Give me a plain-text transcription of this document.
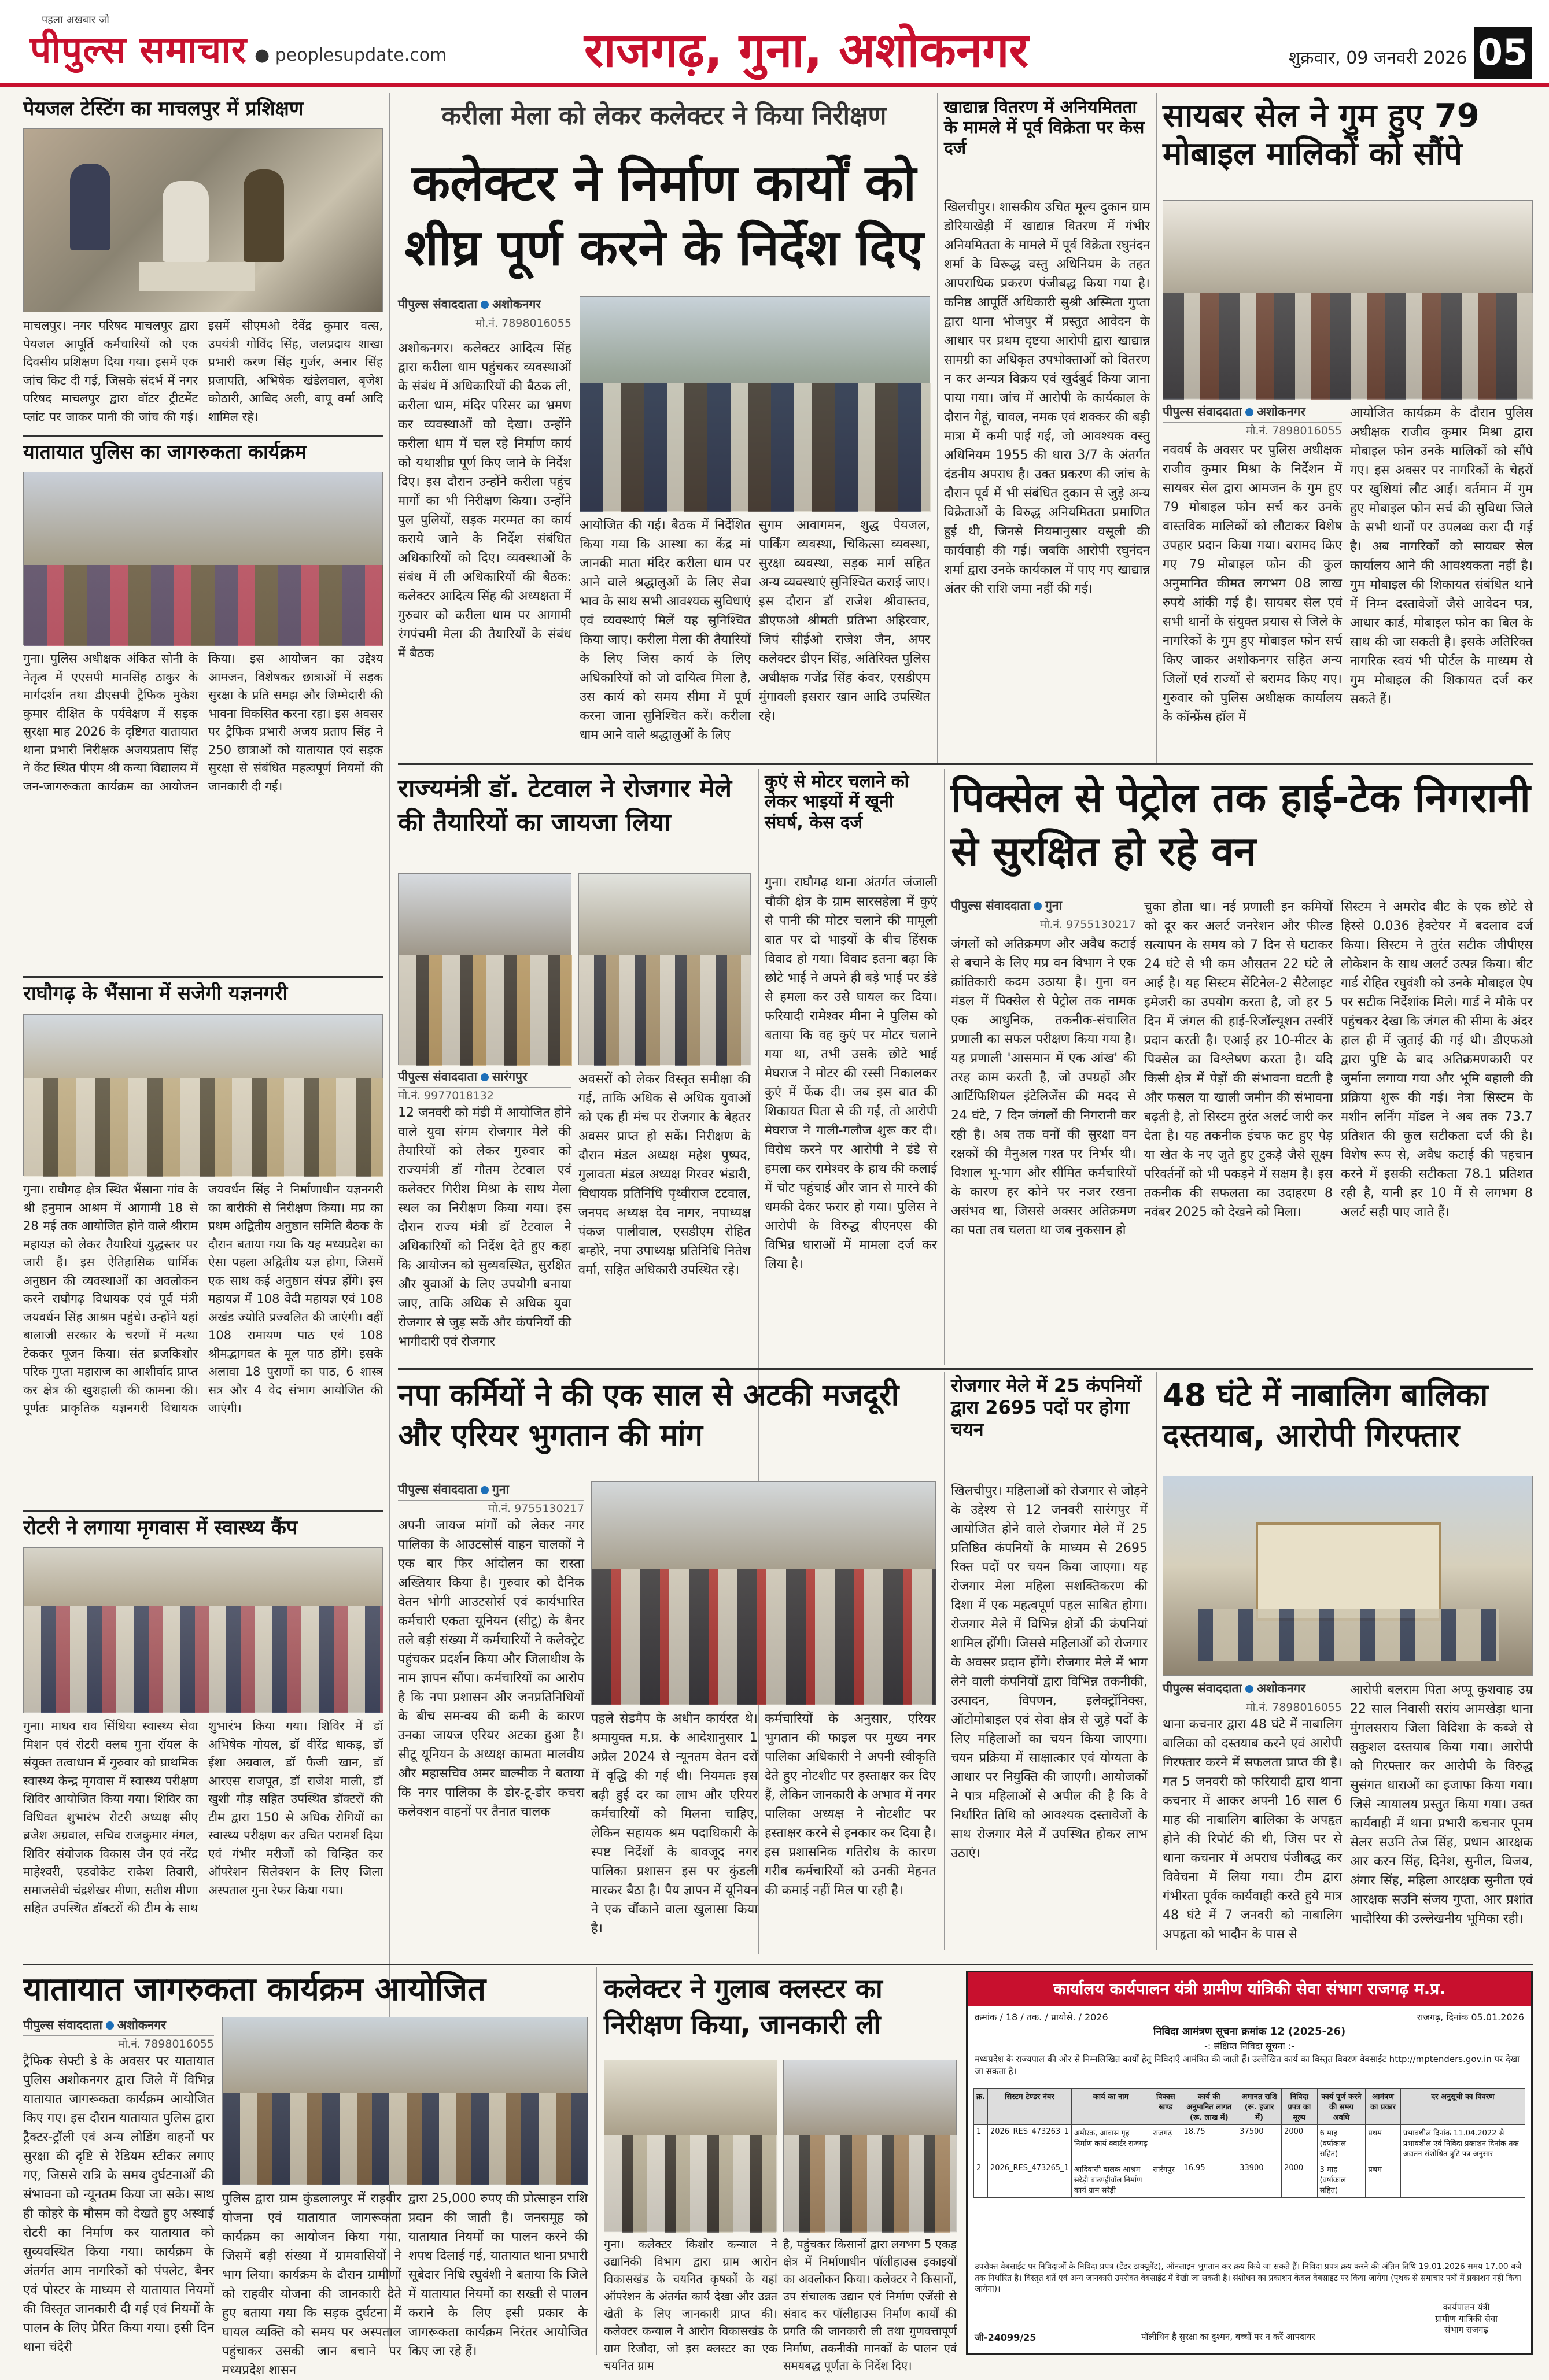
पहला अखबार जो
पीपुल्स समाचार ● peoplesupdate.com	राजगढ़, गुना, अशोकनगर	शुक्रवार, 09 जनवरी 2026 05
पेयजल टेस्टिंग का माचलपुर में प्रशिक्षण
माचलपुर। नगर परिषद माचलपुर द्वारा पेयजल आपूर्ति कर्मचारियों को एक दिवसीय प्रशिक्षण दिया गया। इसमें एक जांच किट दी गई, जिसके संदर्भ में नगर परिषद माचलपुर द्वारा वॉटर ट्रीटमेंट प्लांट पर जाकर पानी की जांच की गई। इसमें सीएमओ देवेंद्र कुमार वत्स, उपयंत्री गोविंद सिंह, जलप्रदाय शाखा प्रभारी करण सिंह गुर्जर, अनार सिंह प्रजापति, अभिषेक खंडेलवाल, बृजेश कोठारी, आबिद अली, बापू वर्मा आदि शामिल रहे।
यातायात पुलिस का जागरुकता कार्यक्रम
गुना। पुलिस अधीक्षक अंकित सोनी के नेतृत्व में एएसपी मानसिंह ठाकुर के मार्गदर्शन तथा डीएसपी ट्रैफिक मुकेश कुमार दीक्षित के पर्यवेक्षण में सड़क सुरक्षा माह 2026 के दृष्टिगत यातायात थाना प्रभारी निरीक्षक अजयप्रताप सिंह ने केंट स्थित पीएम श्री कन्या विद्यालय में जन-जागरूकता कार्यक्रम का आयोजन किया। इस आयोजन का उद्देश्य आमजन, विशेषकर छात्राओं में सड़क सुरक्षा के प्रति समझ और जिम्मेदारी की भावना विकसित करना रहा। इस अवसर पर ट्रैफिक प्रभारी अजय प्रताप सिंह ने 250 छात्राओं को यातायात एवं सड़क सुरक्षा से संबंधित महत्वपूर्ण नियमों की जानकारी दी गई।
राघौगढ़ के भैंसाना में सजेगी यज्ञनगरी
गुना। राघौगढ़ क्षेत्र स्थित भैंसाना गांव के श्री हनुमान आश्रम में आगामी 18 से 28 मई तक आयोजित होने वाले श्रीराम महायज्ञ को लेकर तैयारियां युद्धस्तर पर जारी हैं। इस ऐतिहासिक धार्मिक अनुष्ठान की व्यवस्थाओं का अवलोकन करने राघौगढ़ विधायक एवं पूर्व मंत्री जयवर्धन सिंह आश्रम पहुंचे। उन्होंने यहां बालाजी सरकार के चरणों में मत्था टेककर पूजन किया। संत ब्रजकिशोर परिक गुप्ता महाराज का आशीर्वाद प्राप्त कर क्षेत्र की खुशहाली की कामना की। पूर्णतः प्राकृतिक यज्ञनगरी विधायक जयवर्धन सिंह ने निर्माणाधीन यज्ञनगरी का बारीकी से निरीक्षण किया। मप्र का प्रथम अद्वितीय अनुष्ठान समिति बैठक के दौरान बताया गया कि यह मध्यप्रदेश का ऐसा पहला अद्वितीय यज्ञ होगा, जिसमें एक साथ कई अनुष्ठान संपन्न होंगे। इस महायज्ञ में 108 वेदी महायज्ञ एवं 108 अखंड ज्योति प्रज्वलित की जाएंगी। वहीं 108 रामायण पाठ एवं 108 श्रीमद्भागवत के मूल पाठ होंगे। इसके अलावा 18 पुराणों का पाठ, 6 शास्त्र सत्र और 4 वेद संभाग आयोजित की जाएंगी।
रोटरी ने लगाया मृगवास में स्वास्थ्य कैंप
गुना। माधव राव सिंधिया स्वास्थ्य सेवा मिशन एवं रोटरी क्लब गुना रॉयल के संयुक्त तत्वाधान में गुरुवार को प्राथमिक स्वास्थ्य केन्द्र मृगवास में स्वास्थ्य परीक्षण शिविर आयोजित किया गया। शिविर का विधिवत शुभारंभ रोटरी अध्यक्ष सीए ब्रजेश अग्रवाल, सचिव राजकुमार मंगल, शिविर संयोजक विकास जैन एवं नरेंद्र माहेश्वरी, एडवोकेट राकेश तिवारी, समाजसेवी चंद्रशेखर मीणा, सतीश मीणा सहित उपस्थित डॉक्टरों की टीम के साथ शुभारंभ किया गया। शिविर में डॉ अभिषेक गोयल, डॉ वीरेंद्र धाकड़, डॉ ईशा अग्रवाल, डॉ फैजी खान, डॉ आरएस राजपूत, डॉ राजेश माली, डॉ खुशी गौड़ सहित उपस्थित डॉक्टरों की टीम द्वारा 150 से अधिक रोगियों का स्वास्थ्य परीक्षण कर उचित परामर्श दिया एवं गंभीर मरीजों को चिन्हित कर ऑपरेशन सिलेक्शन के लिए जिला अस्पताल गुना रेफर किया गया।
करीला मेला को लेकर कलेक्टर ने किया निरीक्षण
कलेक्टर ने निर्माण कार्यों को शीघ्र पूर्ण करने के निर्देश दिए
पीपुल्स संवाददाता अशोकनगर
मो.नं. 7898016055
अशोकनगर। कलेक्टर आदित्य सिंह द्वारा करीला धाम पहुंचकर व्यवस्थाओं के संबंध में अधिकारियों की बैठक ली, करीला धाम, मंदिर परिसर का भ्रमण कर व्यवस्थाओं को देखा। उन्होंने करीला धाम में चल रहे निर्माण कार्य को यथाशीघ्र पूर्ण किए जाने के निर्देश दिए। इस दौरान उन्होंने करीला पहुंच मार्गों का भी निरीक्षण किया। उन्होंने पुल पुलियों, सड़क मरम्मत का कार्य कराये जाने के निर्देश संबंधित अधिकारियों को दिए। व्यवस्थाओं के संबंध में ली अधिकारियों की बैठक: कलेक्टर आदित्य सिंह की अध्यक्षता में गुरुवार को करीला धाम पर आगामी रंगपंचमी मेला की तैयारियों के संबंध में बैठक
आयोजित की गई। बैठक में निर्देशित किया गया कि आस्था का केंद्र मां जानकी माता मंदिर करीला धाम पर आने वाले श्रद्धालुओं के लिए सेवा भाव के साथ सभी आवश्यक सुविधाएं एवं व्यवस्थाएं मिलें यह सुनिश्चित किया जाए। करीला मेला की तैयारियों के लिए जिस कार्य के लिए अधिकारियों को जो दायित्व मिला है, उस कार्य को समय सीमा में पूर्ण करना जाना सुनिश्चित करें। करीला धाम आने वाले श्रद्धालुओं के लिए
सुगम आवागमन, शुद्ध पेयजल, पार्किंग व्यवस्था, चिकित्सा व्यवस्था, सुरक्षा व्यवस्था, सड़क मार्ग सहित अन्य व्यवस्थाएं सुनिश्चित कराई जाए। इस दौरान डॉ राजेश श्रीवास्तव, डीएफओ श्रीमती प्रतिभा अहिरवार, जिपं सीईओ राजेश जैन, अपर कलेक्टर डीएन सिंह, अतिरिक्त पुलिस अधीक्षक गजेंद्र सिंह कंवर, एसडीएम मुंगावली इसरार खान आदि उपस्थित रहे।
खाद्यान्न वितरण में अनियमितता के मामले में पूर्व विक्रेता पर केस दर्ज
खिलचीपुर। शासकीय उचित मूल्य दुकान ग्राम डोरियाखेड़ी में खाद्यान्न वितरण में गंभीर अनियमितता के मामले में पूर्व विक्रेता रघुनंदन शर्मा के विरूद्ध वस्तु अधिनियम के तहत आपराधिक प्रकरण पंजीबद्ध किया गया है। कनिष्ठ आपूर्ति अधिकारी सुश्री अस्मिता गुप्ता द्वारा थाना भोजपुर में प्रस्तुत आवेदन के आधार पर प्रथम दृष्टया आरोपी द्वारा खाद्यान्न सामग्री का अधिकृत उपभोक्ताओं को वितरण न कर अन्यत्र विक्रय एवं खुर्दबुर्द किया जाना पाया गया। जांच में आरोपी के कार्यकाल के दौरान गेहूं, चावल, नमक एवं शक्कर की बड़ी मात्रा में कमी पाई गई, जो आवश्यक वस्तु अधिनियम 1955 की धारा 3/7 के अंतर्गत दंडनीय अपराध है। उक्त प्रकरण की जांच के दौरान पूर्व में भी संबंधित दुकान से जुड़े अन्य विक्रेताओं के विरुद्ध अनियमितता प्रमाणित हुई थी, जिनसे नियमानुसार वसूली की कार्यवाही की गई। जबकि आरोपी रघुनंदन शर्मा द्वारा उनके कार्यकाल में पाए गए खाद्यान्न अंतर की राशि जमा नहीं की गई।
सायबर सेल ने गुम हुए 79 मोबाइल मालिकों को सौंपे
पीपुल्स संवाददाता अशोकनगर
मो.नं. 7898016055
नववर्ष के अवसर पर पुलिस अधीक्षक राजीव कुमार मिश्रा के निर्देशन में सायबर सेल द्वारा आमजन के गुम हुए 79 मोबाइल फोन सर्च कर उनके वास्तविक मालिकों को लौटाकर विशेष उपहार प्रदान किया गया। बरामद किए गए 79 मोबाइल फोन की कुल अनुमानित कीमत लगभग 08 लाख रुपये आंकी गई है। सायबर सेल एवं सभी थानों के संयुक्त प्रयास से जिले के नागरिकों के गुम हुए मोबाइल फोन सर्च किए जाकर अशोकनगर सहित अन्य जिलों एवं राज्यों से बरामद किए गए। गुरुवार को पुलिस अधीक्षक कार्यालय के कॉन्फ्रेंस हॉल में
आयोजित कार्यक्रम के दौरान पुलिस अधीक्षक राजीव कुमार मिश्रा द्वारा मोबाइल फोन उनके मालिकों को सौंपे गए। इस अवसर पर नागरिकों के चेहरों पर खुशियां लौट आईं। वर्तमान में गुम हुए मोबाइल फोन सर्च की सुविधा जिले के सभी थानों पर उपलब्ध करा दी गई है। अब नागरिकों को सायबर सेल कार्यालय आने की आवश्यकता नहीं है। गुम मोबाइल की शिकायत संबंधित थाने में निम्न दस्तावेजों जैसे आवेदन पत्र, आधार कार्ड, मोबाइल फोन का बिल के साथ की जा सकती है। इसके अतिरिक्त नागरिक स्वयं भी पोर्टल के माध्यम से गुम मोबाइल की शिकायत दर्ज कर सकते हैं।
राज्यमंत्री डॉ. टेटवाल ने रोजगार मेले की तैयारियों का जायजा लिया
पीपुल्स संवाददाता सारंगपुर
मो.नं. 9977018132
12 जनवरी को मंडी में आयोजित होने वाले युवा संगम रोजगार मेले की तैयारियों को लेकर गुरुवार को राज्यमंत्री डॉ गौतम टेटवाल एवं कलेक्टर गिरीश मिश्रा के साथ मेला स्थल का निरीक्षण किया गया। इस दौरान राज्य मंत्री डॉ टेटवाल ने अधिकारियों को निर्देश देते हुए कहा कि आयोजन को सुव्यवस्थित, सुरक्षित और युवाओं के लिए उपयोगी बनाया जाए, ताकि अधिक से अधिक युवा रोजगार से जुड़ सकें और कंपनियों की भागीदारी एवं रोजगार
अवसरों को लेकर विस्तृत समीक्षा की गई, ताकि अधिक से अधिक युवाओं को एक ही मंच पर रोजगार के बेहतर अवसर प्राप्त हो सकें। निरीक्षण के दौरान मंडल अध्यक्ष महेश पुष्पद, गुलावता मंडल अध्यक्ष गिरवर भंडारी, विधायक प्रतिनिधि पृथ्वीराज टटवाल, जनपद अध्यक्ष देव नागर, नपाध्यक्ष पंकज पालीवाल, एसडीएम रोहित बम्होरे, नपा उपाध्यक्ष प्रतिनिधि नितेश वर्मा, सहित अधिकारी उपस्थित रहे।
कुएं से मोटर चलाने को लेकर भाइयों में खूनी संघर्ष, केस दर्ज
गुना। राघौगढ़ थाना अंतर्गत जंजाली चौकी क्षेत्र के ग्राम सारसहेला में कुएं से पानी की मोटर चलाने की मामूली बात पर दो भाइयों के बीच हिंसक विवाद हो गया। विवाद इतना बढ़ा कि छोटे भाई ने अपने ही बड़े भाई पर डंडे से हमला कर उसे घायल कर दिया। फरियादी रामेश्वर मीना ने पुलिस को बताया कि वह कुएं पर मोटर चलाने गया था, तभी उसके छोटे भाई मेघराज ने मोटर की रस्सी निकालकर कुएं में फेंक दी। जब इस बात की शिकायत पिता से की गई, तो आरोपी मेघराज ने गाली-गलौज शुरू कर दी। विरोध करने पर आरोपी ने डंडे से हमला कर रामेश्वर के हाथ की कलाई में चोट पहुंचाई और जान से मारने की धमकी देकर फरार हो गया। पुलिस ने आरोपी के विरुद्ध बीएनएस की विभिन्न धाराओं में मामला दर्ज कर लिया है।
पिक्सेल से पेट्रोल तक हाई-टेक निगरानी से सुरक्षित हो रहे वन
पीपुल्स संवाददाता गुना
मो.नं. 9755130217
जंगलों को अतिक्रमण और अवैध कटाई से बचाने के लिए मप्र वन विभाग ने एक क्रांतिकारी कदम उठाया है। गुना वन मंडल में पिक्सेल से पेट्रोल तक नामक एक आधुनिक, तकनीक-संचालित प्रणाली का सफल परीक्षण किया गया है। यह प्रणाली 'आसमान में एक आंख' की तरह काम करती है, जो उपग्रहों और आर्टिफिशियल इंटेलिजेंस की मदद से 24 घंटे, 7 दिन जंगलों की निगरानी कर रही है। अब तक वनों की सुरक्षा वन रक्षकों की मैनुअल गश्त पर निर्भर थी। विशाल भू-भाग और सीमित कर्मचारियों के कारण हर कोने पर नजर रखना असंभव था, जिससे अक्सर अतिक्रमण का पता तब चलता था जब नुकसान हो
चुका होता था। नई प्रणाली इन कमियों को दूर कर अलर्ट जनरेशन और फील्ड सत्यापन के समय को 7 दिन से घटाकर 24 घंटे से भी कम औसतन 22 घंटे ले आई है। यह सिस्टम सेंटिनेल-2 सैटेलाइट इमेजरी का उपयोग करता है, जो हर 5 दिन में जंगल की हाई-रिजॉल्यूशन तस्वीरें प्रदान करती है। एआई हर 10-मीटर के पिक्सेल का विश्लेषण करता है। यदि किसी क्षेत्र में पेड़ों की संभावना घटती है और फसल या खाली जमीन की संभावना बढ़ती है, तो सिस्टम तुरंत अलर्ट जारी कर देता है। यह तकनीक इंचफ कट हुए पेड़ या खेत के नए जुते हुए टुकड़े जैसे सूक्ष्म परिवर्तनों को भी पकड़ने में सक्षम है। इस तकनीक की सफलता का उदाहरण 8 नवंबर 2025 को देखने को मिला।
सिस्टम ने अमरोद बीट के एक छोटे से हिस्से 0.036 हेक्टेयर में बदलाव दर्ज किया। सिस्टम ने तुरंत सटीक जीपीएस लोकेशन के साथ अलर्ट उत्पन्न किया। बीट गार्ड रोहित रघुवंशी को उनके मोबाइल ऐप पर सटीक निर्देशांक मिले। गार्ड ने मौके पर पहुंचकर देखा कि जंगल की सीमा के अंदर हाल ही में जुताई की गई थी। डीएफओ द्वारा पुष्टि के बाद अतिक्रमणकारी पर जुर्माना लगाया गया और भूमि बहाली की प्रक्रिया शुरू की गई। नेत्रा सिस्टम के मशीन लर्निंग मॉडल ने अब तक 73.7 प्रतिशत की कुल सटीकता दर्ज की है। विशेष रूप से, अवैध कटाई की पहचान करने में इसकी सटीकता 78.1 प्रतिशत रही है, यानी हर 10 में से लगभग 8 अलर्ट सही पाए जाते हैं।
नपा कर्मियों ने की एक साल से अटकी मजदूरी और एरियर भुगतान की मांग
पीपुल्स संवाददाता गुना
मो.नं. 9755130217
अपनी जायज मांगों को लेकर नगर पालिका के आउटसोर्स वाहन चालकों ने एक बार फिर आंदोलन का रास्ता अख्तियार किया है। गुरुवार को दैनिक वेतन भोगी आउटसोर्स एवं कार्यभारित कर्मचारी एकता यूनियन (सीटू) के बैनर तले बड़ी संख्या में कर्मचारियों ने कलेक्ट्रेट पहुंचकर प्रदर्शन किया और जिलाधीश के नाम ज्ञापन सौंपा। कर्मचारियों का आरोप है कि नपा प्रशासन और जनप्रतिनिधियों के बीच समन्वय की कमी के कारण उनका जायज एरियर अटका हुआ है। सीटू यूनियन के अध्यक्ष कामता मालवीय और महासचिव अमर बाल्मीक ने बताया कि नगर पालिका के डोर-टू-डोर कचरा कलेक्शन वाहनों पर तैनात चालक
पहले सेडमैप के अधीन कार्यरत थे। श्रमायुक्त म.प्र. के आदेशानुसार 1 अप्रैल 2024 से न्यूनतम वेतन दरों में वृद्धि की गई थी। नियमतः इस बढ़ी हुई दर का लाभ और एरियर कर्मचारियों को मिलना चाहिए, लेकिन सहायक श्रम पदाधिकारी के स्पष्ट निर्देशों के बावजूद नगर पालिका प्रशासन इस पर कुंडली मारकर बैठा है। पैय ज्ञापन में यूनियन ने एक चौंकाने वाला खुलासा किया है।
कर्मचारियों के अनुसार, एरियर भुगतान की फाइल पर मुख्य नगर पालिका अधिकारी ने अपनी स्वीकृति देते हुए नोटशीट पर हस्ताक्षर कर दिए हैं, लेकिन जानकारी के अभाव में नगर पालिका अध्यक्ष ने नोटशीट पर हस्ताक्षर करने से इनकार कर दिया है। इस प्रशासनिक गतिरोध के कारण गरीब कर्मचारियों को उनकी मेहनत की कमाई नहीं मिल पा रही है।
रोजगार मेले में 25 कंपनियों द्वारा 2695 पदों पर होगा चयन
खिलचीपुर। महिलाओं को रोजगार से जोड़ने के उद्देश्य से 12 जनवरी सारंगपुर में आयोजित होने वाले रोजगार मेले में 25 प्रतिष्ठित कंपनियों के माध्यम से 2695 रिक्त पदों पर चयन किया जाएगा। यह रोजगार मेला महिला सशक्तिकरण की दिशा में एक महत्वपूर्ण पहल साबित होगा। रोजगार मेले में विभिन्न क्षेत्रों की कंपनियां शामिल होंगी। जिससे महिलाओं को रोजगार के अवसर प्रदान होंगे। रोजगार मेले में भाग लेने वाली कंपनियों द्वारा विभिन्न तकनीकी, उत्पादन, विपणन, इलेक्ट्रॉनिक्स, ऑटोमोबाइल एवं सेवा क्षेत्र से जुड़े पदों के लिए महिलाओं का चयन किया जाएगा। चयन प्रक्रिया में साक्षात्कार एवं योग्यता के आधार पर नियुक्ति की जाएगी। आयोजकों ने पात्र महिलाओं से अपील की है कि वे निर्धारित तिथि को आवश्यक दस्तावेजों के साथ रोजगार मेले में उपस्थित होकर लाभ उठाएं।
48 घंटे में नाबालिग बालिका दस्तयाब, आरोपी गिरफ्तार
पीपुल्स संवाददाता अशोकनगर
मो.नं. 7898016055
थाना कचनार द्वारा 48 घंटे में नाबालिग बालिका को दस्तयाब करने एवं आरोपी गिरफ्तार करने में सफलता प्राप्त की है। गत 5 जनवरी को फरियादी द्वारा थाना कचनार में आकर अपनी 16 साल 6 माह की नाबालिग बालिका के अपहृत होने की रिपोर्ट की थी, जिस पर से थाना कचनार में अपराध पंजीबद्ध कर विवेचना में लिया गया। टीम द्वारा गंभीरता पूर्वक कार्यवाही करते हुये मात्र 48 घंटे में 7 जनवरी को नाबालिग अपहृता को भादौन के पास से
आरोपी बलराम पिता अप्पू कुशवाह उम्र 22 साल निवासी सरांय आमखेड़ा थाना मुंगलसराय जिला विदिशा के कब्जे से सकुशल दस्तयाब किया गया। आरोपी को गिरफ्तार कर आरोपी के विरुद्ध सुसंगत धाराओं का इजाफा किया गया। जिसे न्यायालय प्रस्तुत किया गया। उक्त कार्यवाही में थाना प्रभारी कचनार पूनम सेलर सउनि तेज सिंह, प्रधान आरक्षक आर करन सिंह, दिनेश, सुनील, विजय, अंगार सिंह, महिला आरक्षक सुनीता एवं आरक्षक सउनि संजय गुप्ता, आर प्रशांत भादौरिया की उल्लेखनीय भूमिका रही।
यातायात जागरुकता कार्यक्रम आयोजित
पीपुल्स संवाददाता अशोकनगर
मो.नं. 7898016055
ट्रैफिक सेफ्टी डे के अवसर पर यातायात पुलिस अशोकनगर द्वारा जिले में विभिन्न यातायात जागरूकता कार्यक्रम आयोजित किए गए। इस दौरान यातायात पुलिस द्वारा ट्रैक्टर-ट्रॉली एवं अन्य लोडिंग वाहनों पर सुरक्षा की दृष्टि से रेडियम स्टीकर लगाए गए, जिससे रात्रि के समय दुर्घटनाओं की संभावना को न्यूनतम किया जा सके। साथ ही कोहरे के मौसम को देखते हुए अस्थाई रोटरी का निर्माण कर यातायात को सुव्यवस्थित किया गया। कार्यक्रम के अंतर्गत आम नागरिकों को पंपलेट, बैनर एवं पोस्टर के माध्यम से यातायात नियमों की विस्तृत जानकारी दी गई एवं नियमों के पालन के लिए प्रेरित किया गया। इसी दिन थाना चंदेरी
पुलिस द्वारा ग्राम कुंडलालपुर में राहवीर योजना एवं यातायात जागरूकता कार्यक्रम का आयोजन किया गया, जिसमें बड़ी संख्या में ग्रामवासियों ने भाग लिया। कार्यक्रम के दौरान ग्रामीणों को राहवीर योजना की जानकारी देते हुए बताया गया कि सड़क दुर्घटना में घायल व्यक्ति को समय पर अस्पताल पहुंचाकर उसकी जान बचाने पर मध्यप्रदेश शासन
द्वारा 25,000 रुपए की प्रोत्साहन राशि प्रदान की जाती है। जनसमूह को यातायात नियमों का पालन करने की शपथ दिलाई गई, यातायात थाना प्रभारी सूबेदार निधि रघुवंशी ने बताया कि जिले में यातायात नियमों का सख्ती से पालन कराने के लिए इसी प्रकार के जागरूकता कार्यक्रम निरंतर आयोजित किए जा रहे हैं।
कलेक्टर ने गुलाब क्लस्टर का निरीक्षण किया, जानकारी ली
गुना। कलेक्टर किशोर कन्याल ने उद्यानिकी विभाग द्वारा ग्राम आरोन विकासखंड के चयनित कृषकों के यहां ऑपरेशन के अंतर्गत कार्य देखा और उन्नत खेती के लिए जानकारी प्राप्त की। कलेक्टर कन्याल ने आरोन विकासखंड के ग्राम रिजौदा, जो इस क्लस्टर का एक चयनित ग्राम
है, पहुंचकर किसानों द्वारा लगभग 5 एकड़ क्षेत्र में निर्माणाधीन पॉलीहाउस इकाइयों का अवलोकन किया। कलेक्टर ने किसानों, उप संचालक उद्यान एवं निर्माण एजेंसी से संवाद कर पॉलीहाउस निर्माण कार्यों की प्रगति की जानकारी ली तथा गुणवत्तापूर्ण निर्माण, तकनीकी मानकों के पालन एवं समयबद्ध पूर्णता के निर्देश दिए।
कार्यालय कार्यपालन यंत्री ग्रामीण यांत्रिकी सेवा संभाग राजगढ़ म.प्र.
क्रमांक / 18 / तक. / प्रायोसे. / 2026	राजगढ़, दिनांक 05.01.2026
निविदा आमंत्रण सूचना क्रमांक 12 (2025-26)
-: संक्षिप्त निविदा सूचना :-
मध्यप्रदेश के राज्यपाल की ओर से निम्नलिखित कार्यों हेतु निविदाएँ आमंत्रित की जाती हैं। उल्लेखित कार्य का विस्तृत विवरण वेबसाईट http://mptenders.gov.in पर देखा जा सकता है।
क्र.	सिस्टम टेण्डर नंबर	कार्य का नाम	विकास खण्ड	कार्य की अनुमानित लागत (रू. लाख में)	अमानत राशि (रू. हजार में)	निविदा प्रपत्र का मूल्य	कार्य पूर्ण करने की समय अवधि	आमंत्रण का प्रकार	दर अनुसूची का विवरण
1	2026_RES_473263_1	अमीरक, आवास गृह निर्माण कार्य क्वार्टर राजगढ़	राजगढ़	18.75	37500	2000	6 माह (वर्षाकाल सहित)	प्रथम	प्रभावशील दिनांक 11.04.2022 से प्रभावशील एवं निविदा प्रकाशन दिनांक तक अद्यतन संशोधित त्रुटि पत्र अनुसार
2	2026_RES_473265_1	आदिवासी बालक आश्रम सरेड़ी बाउण्ड्रीवॉल निर्माण कार्य ग्राम सरेड़ी	सारंगपुर	16.95	33900	2000	3 माह (वर्षाकाल सहित)	प्रथम	
उपरोक्त वेबसाईट पर निविदाओं के निविदा प्रपत्र (टेंडर डाक्यूमेंट), ऑनलाइन भुगतान कर क्रय किये जा सकते हैं। निविदा प्रपत्र क्रय करने की अंतिम तिथि 19.01.2026 समय 17.00 बजे तक निर्धारित है। विस्तृत शर्ते एवं अन्य जानकारी उपरोक्त वेबसाईट में देखी जा सकती है। संशोधन का प्रकाशन केवल वेबसाइट पर किया जायेगा (पृथक से समाचार पत्रों में प्रकाशन नहीं किया जायेगा)।
जी-24099/25	पॉलीथिन है सुरक्षा का दुश्मन, बच्चों पर न करें आपदायर
कार्यपालन यंत्री
ग्रामीण यांत्रिकी सेवा
संभाग राजगढ़
